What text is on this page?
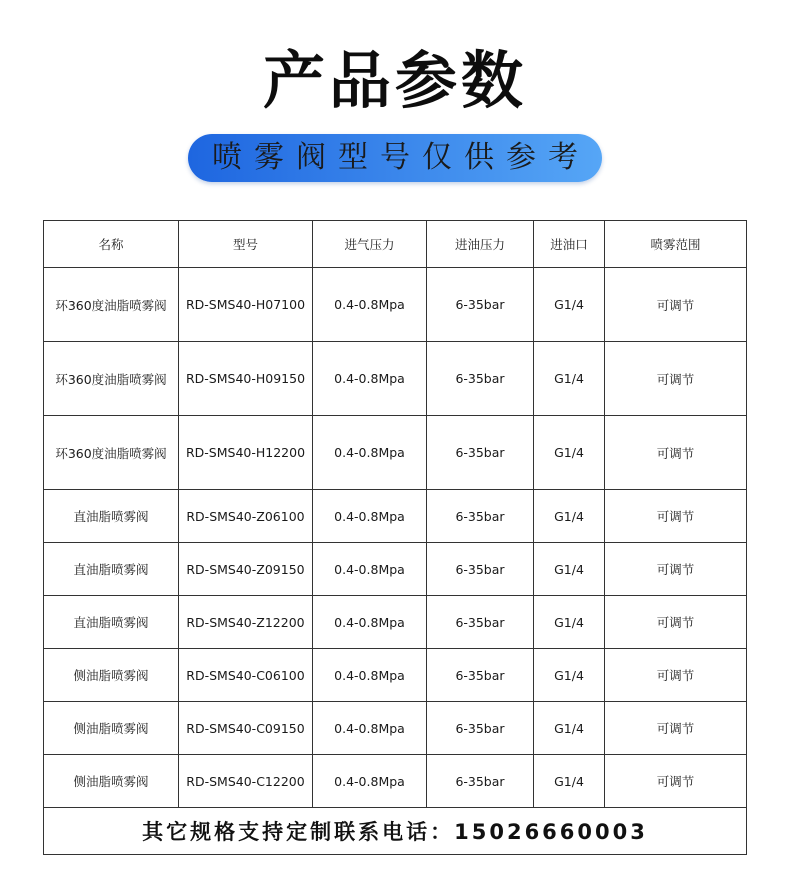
产品参数
喷雾阀型号仅供参考
名称	型号	进气压力	进油压力	进油口	喷雾范围
环360度油脂喷雾阀	RD-SMS40-H07100	0.4-0.8Mpa	6-35bar	G1/4	可调节
环360度油脂喷雾阀	RD-SMS40-H09150	0.4-0.8Mpa	6-35bar	G1/4	可调节
环360度油脂喷雾阀	RD-SMS40-H12200	0.4-0.8Mpa	6-35bar	G1/4	可调节
直油脂喷雾阀	RD-SMS40-Z06100	0.4-0.8Mpa	6-35bar	G1/4	可调节
直油脂喷雾阀	RD-SMS40-Z09150	0.4-0.8Mpa	6-35bar	G1/4	可调节
直油脂喷雾阀	RD-SMS40-Z12200	0.4-0.8Mpa	6-35bar	G1/4	可调节
侧油脂喷雾阀	RD-SMS40-C06100	0.4-0.8Mpa	6-35bar	G1/4	可调节
侧油脂喷雾阀	RD-SMS40-C09150	0.4-0.8Mpa	6-35bar	G1/4	可调节
侧油脂喷雾阀	RD-SMS40-C12200	0.4-0.8Mpa	6-35bar	G1/4	可调节
其它规格支持定制联系电话：15026660003					
